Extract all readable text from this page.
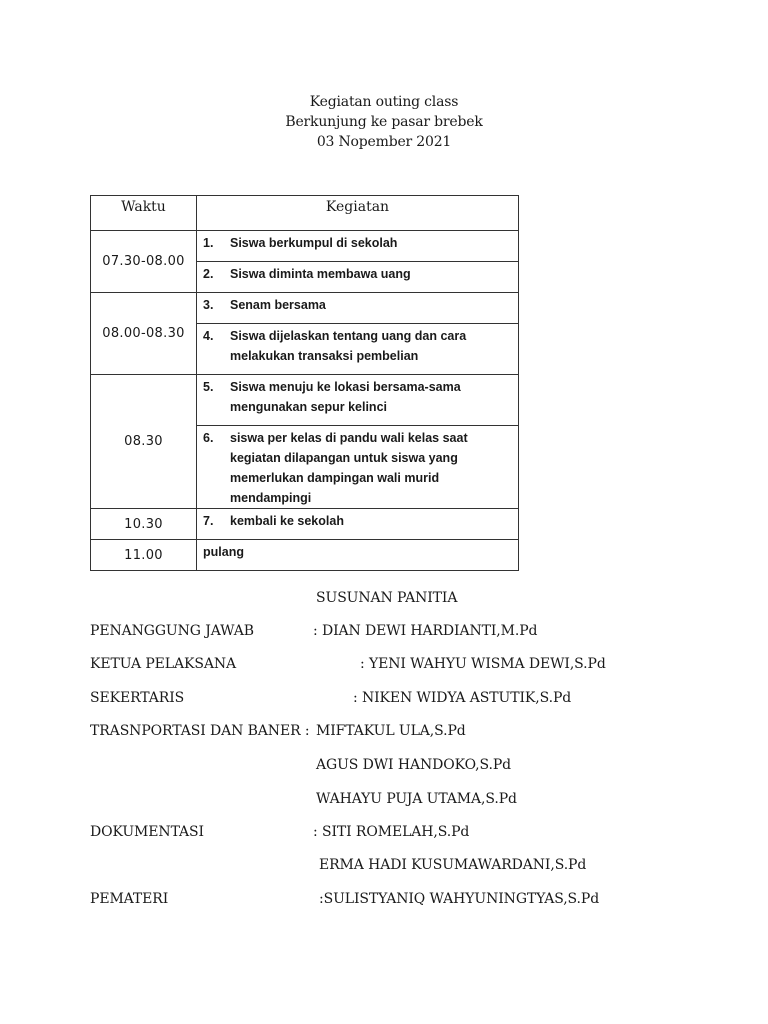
Kegiatan outing class
Berkunjung ke pasar brebek
03 Nopember 2021
Waktu	Kegiatan
07.30-08.00	1. Siswa berkumpul di sekolah

	2. Siswa diminta membawa uang

08.00-08.30	3. Senam bersama

	4. Siswa dijelaskan tentang uang dan cara melakukan transaksi pembelian

08.30	5. Siswa menuju ke lokasi bersama-sama mengunakan sepur kelinci

	6. siswa per kelas di pandu wali kelas saat kegiatan dilapangan untuk siswa yang memerlukan dampingan wali murid mendampingi

10.30	7. kembali ke sekolah

11.00	pulang
SUSUNAN PANITIA
PENANGGUNG JAWAB	: DIAN DEWI HARDIANTI,M.Pd
KETUA PELAKSANA	: YENI WAHYU WISMA DEWI,S.Pd
SEKERTARIS	: NIKEN WIDYA ASTUTIK,S.Pd
TRASNPORTASI DAN BANER : MIFTAKUL ULA,S.Pd
AGUS DWI HANDOKO,S.Pd
WAHAYU PUJA UTAMA,S.Pd
DOKUMENTASI	: SITI ROMELAH,S.Pd
ERMA HADI KUSUMAWARDANI,S.Pd
PEMATERI	:SULISTYANIQ WAHYUNINGTYAS,S.Pd
